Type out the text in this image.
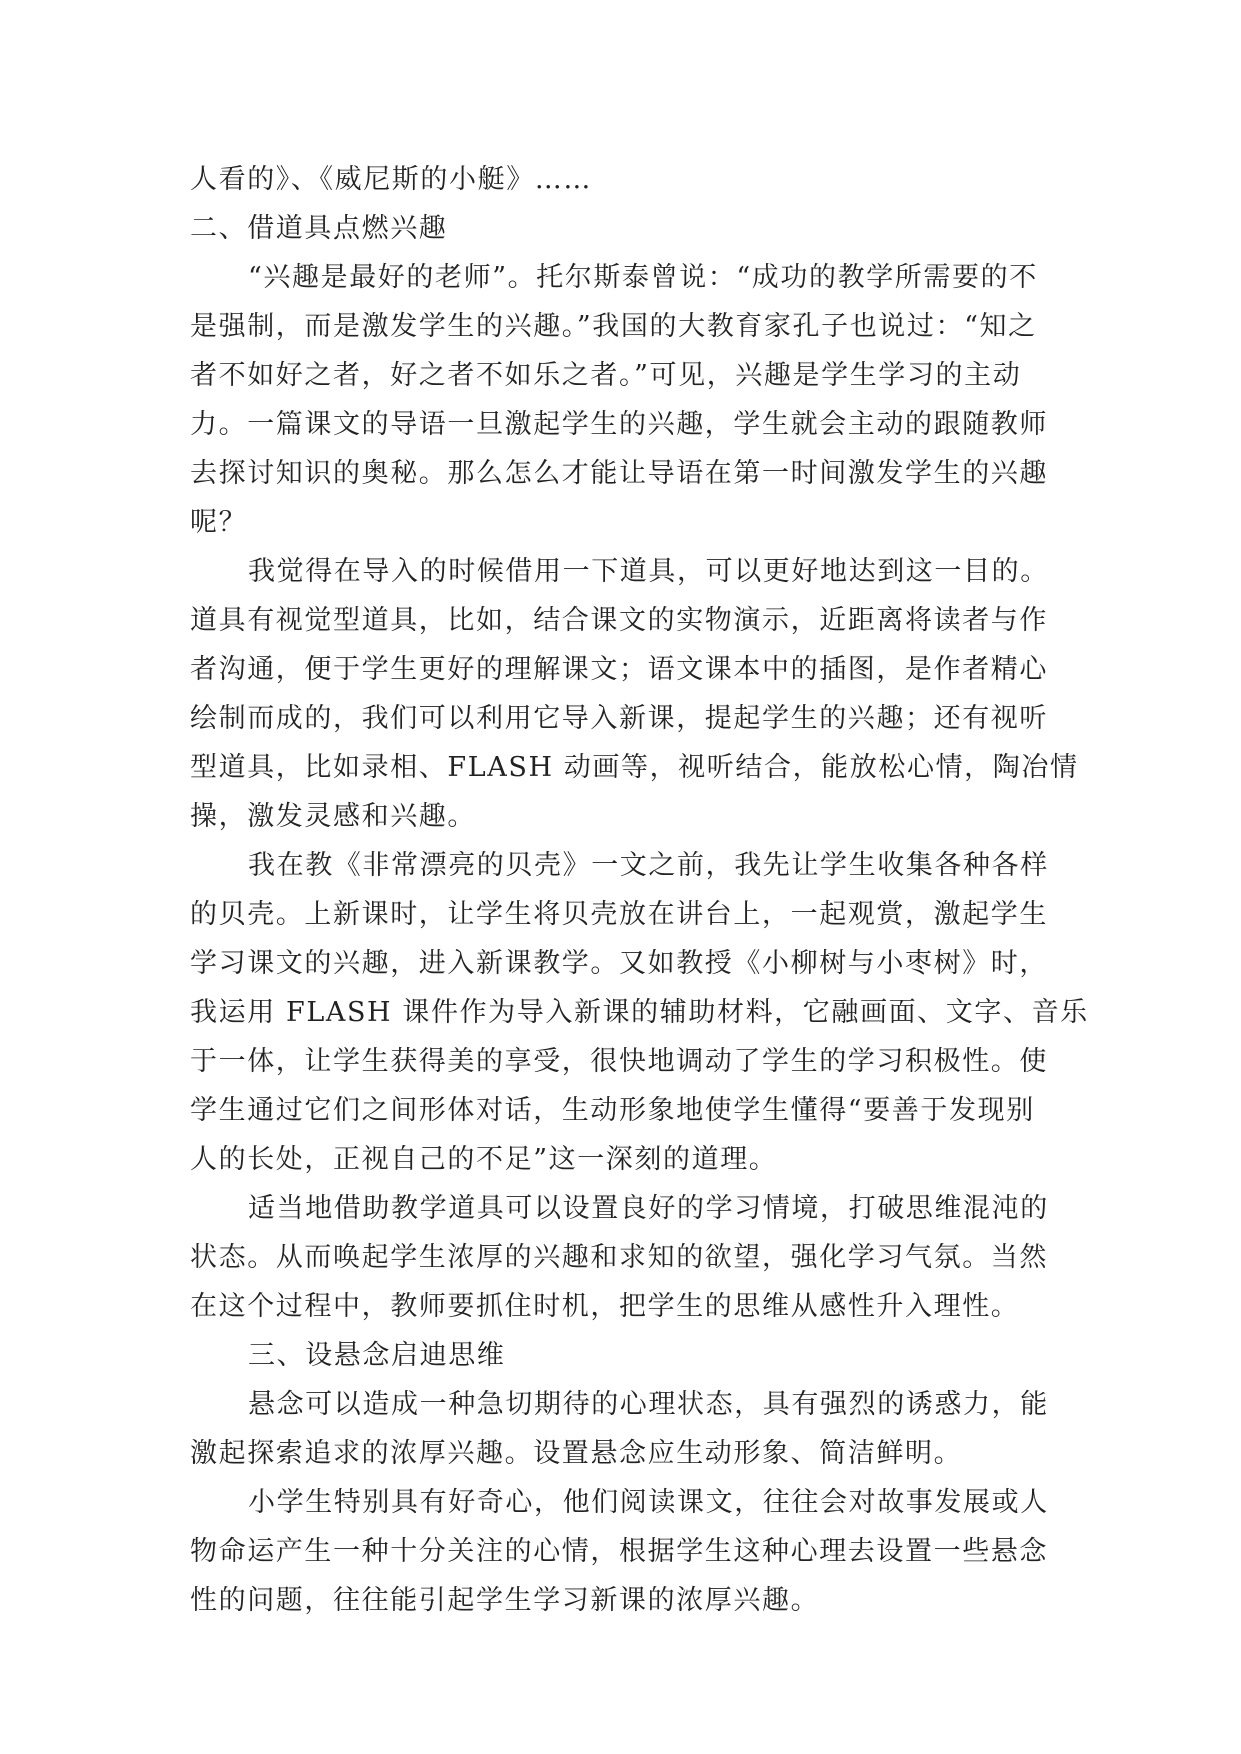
人看的》、《威尼斯的小艇》……
二、借道具点燃兴趣
“兴趣是最好的老师”。托尔斯泰曾说：“成功的教学所需要的不
是强制，而是激发学生的兴趣。”我国的大教育家孔子也说过：“知之
者不如好之者，好之者不如乐之者。”可见，兴趣是学生学习的主动
力。一篇课文的导语一旦激起学生的兴趣，学生就会主动的跟随教师
去探讨知识的奥秘。那么怎么才能让导语在第一时间激发学生的兴趣
呢？
我觉得在导入的时候借用一下道具，可以更好地达到这一目的。
道具有视觉型道具，比如，结合课文的实物演示，近距离将读者与作
者沟通，便于学生更好的理解课文；语文课本中的插图，是作者精心
绘制而成的，我们可以利用它导入新课，提起学生的兴趣；还有视听
型道具，比如录相、FLASH 动画等，视听结合，能放松心情，陶冶情
操，激发灵感和兴趣。
我在教《非常漂亮的贝壳》一文之前，我先让学生收集各种各样
的贝壳。上新课时，让学生将贝壳放在讲台上，一起观赏，激起学生
学习课文的兴趣，进入新课教学。又如教授《小柳树与小枣树》时，
我运用 FLASH 课件作为导入新课的辅助材料，它融画面、文字、音乐
于一体，让学生获得美的享受，很快地调动了学生的学习积极性。使
学生通过它们之间形体对话，生动形象地使学生懂得“要善于发现别
人的长处，正视自己的不足”这一深刻的道理。
适当地借助教学道具可以设置良好的学习情境，打破思维混沌的
状态。从而唤起学生浓厚的兴趣和求知的欲望，强化学习气氛。当然
在这个过程中，教师要抓住时机，把学生的思维从感性升入理性。
三、设悬念启迪思维
悬念可以造成一种急切期待的心理状态，具有强烈的诱惑力，能
激起探索追求的浓厚兴趣。设置悬念应生动形象、简洁鲜明。
小学生特别具有好奇心，他们阅读课文，往往会对故事发展或人
物命运产生一种十分关注的心情，根据学生这种心理去设置一些悬念
性的问题，往往能引起学生学习新课的浓厚兴趣。
